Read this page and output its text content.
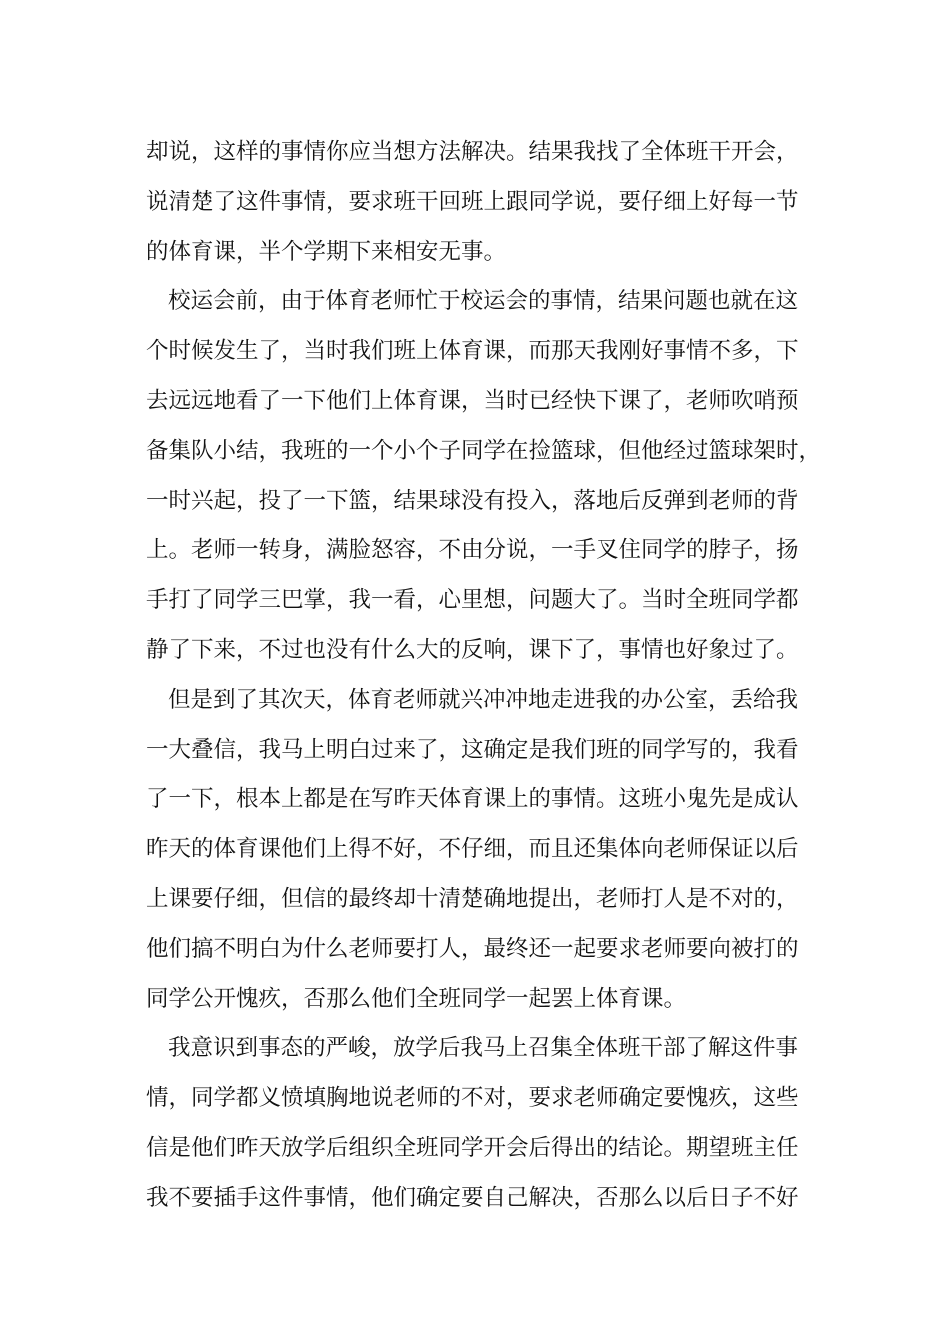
却说，这样的事情你应当想方法解决。结果我找了全体班干开会，
说清楚了这件事情，要求班干回班上跟同学说，要仔细上好每一节
的体育课，半个学期下来相安无事。
校运会前，由于体育老师忙于校运会的事情，结果问题也就在这
个时候发生了，当时我们班上体育课，而那天我刚好事情不多，下
去远远地看了一下他们上体育课，当时已经快下课了，老师吹哨预
备集队小结，我班的一个小个子同学在捡篮球，但他经过篮球架时，
一时兴起，投了一下篮，结果球没有投入，落地后反弹到老师的背
上。老师一转身，满脸怒容，不由分说，一手叉住同学的脖子，扬
手打了同学三巴掌，我一看，心里想，问题大了。当时全班同学都
静了下来，不过也没有什么大的反响，课下了，事情也好象过了。
但是到了其次天，体育老师就兴冲冲地走进我的办公室，丢给我
一大叠信，我马上明白过来了，这确定是我们班的同学写的，我看
了一下，根本上都是在写昨天体育课上的事情。这班小鬼先是成认
昨天的体育课他们上得不好，不仔细，而且还集体向老师保证以后
上课要仔细，但信的最终却十清楚确地提出，老师打人是不对的，
他们搞不明白为什么老师要打人，最终还一起要求老师要向被打的
同学公开愧疚，否那么他们全班同学一起罢上体育课。
我意识到事态的严峻，放学后我马上召集全体班干部了解这件事
情，同学都义愤填胸地说老师的不对，要求老师确定要愧疚，这些
信是他们昨天放学后组织全班同学开会后得出的结论。期望班主任
我不要插手这件事情，他们确定要自己解决，否那么以后日子不好
